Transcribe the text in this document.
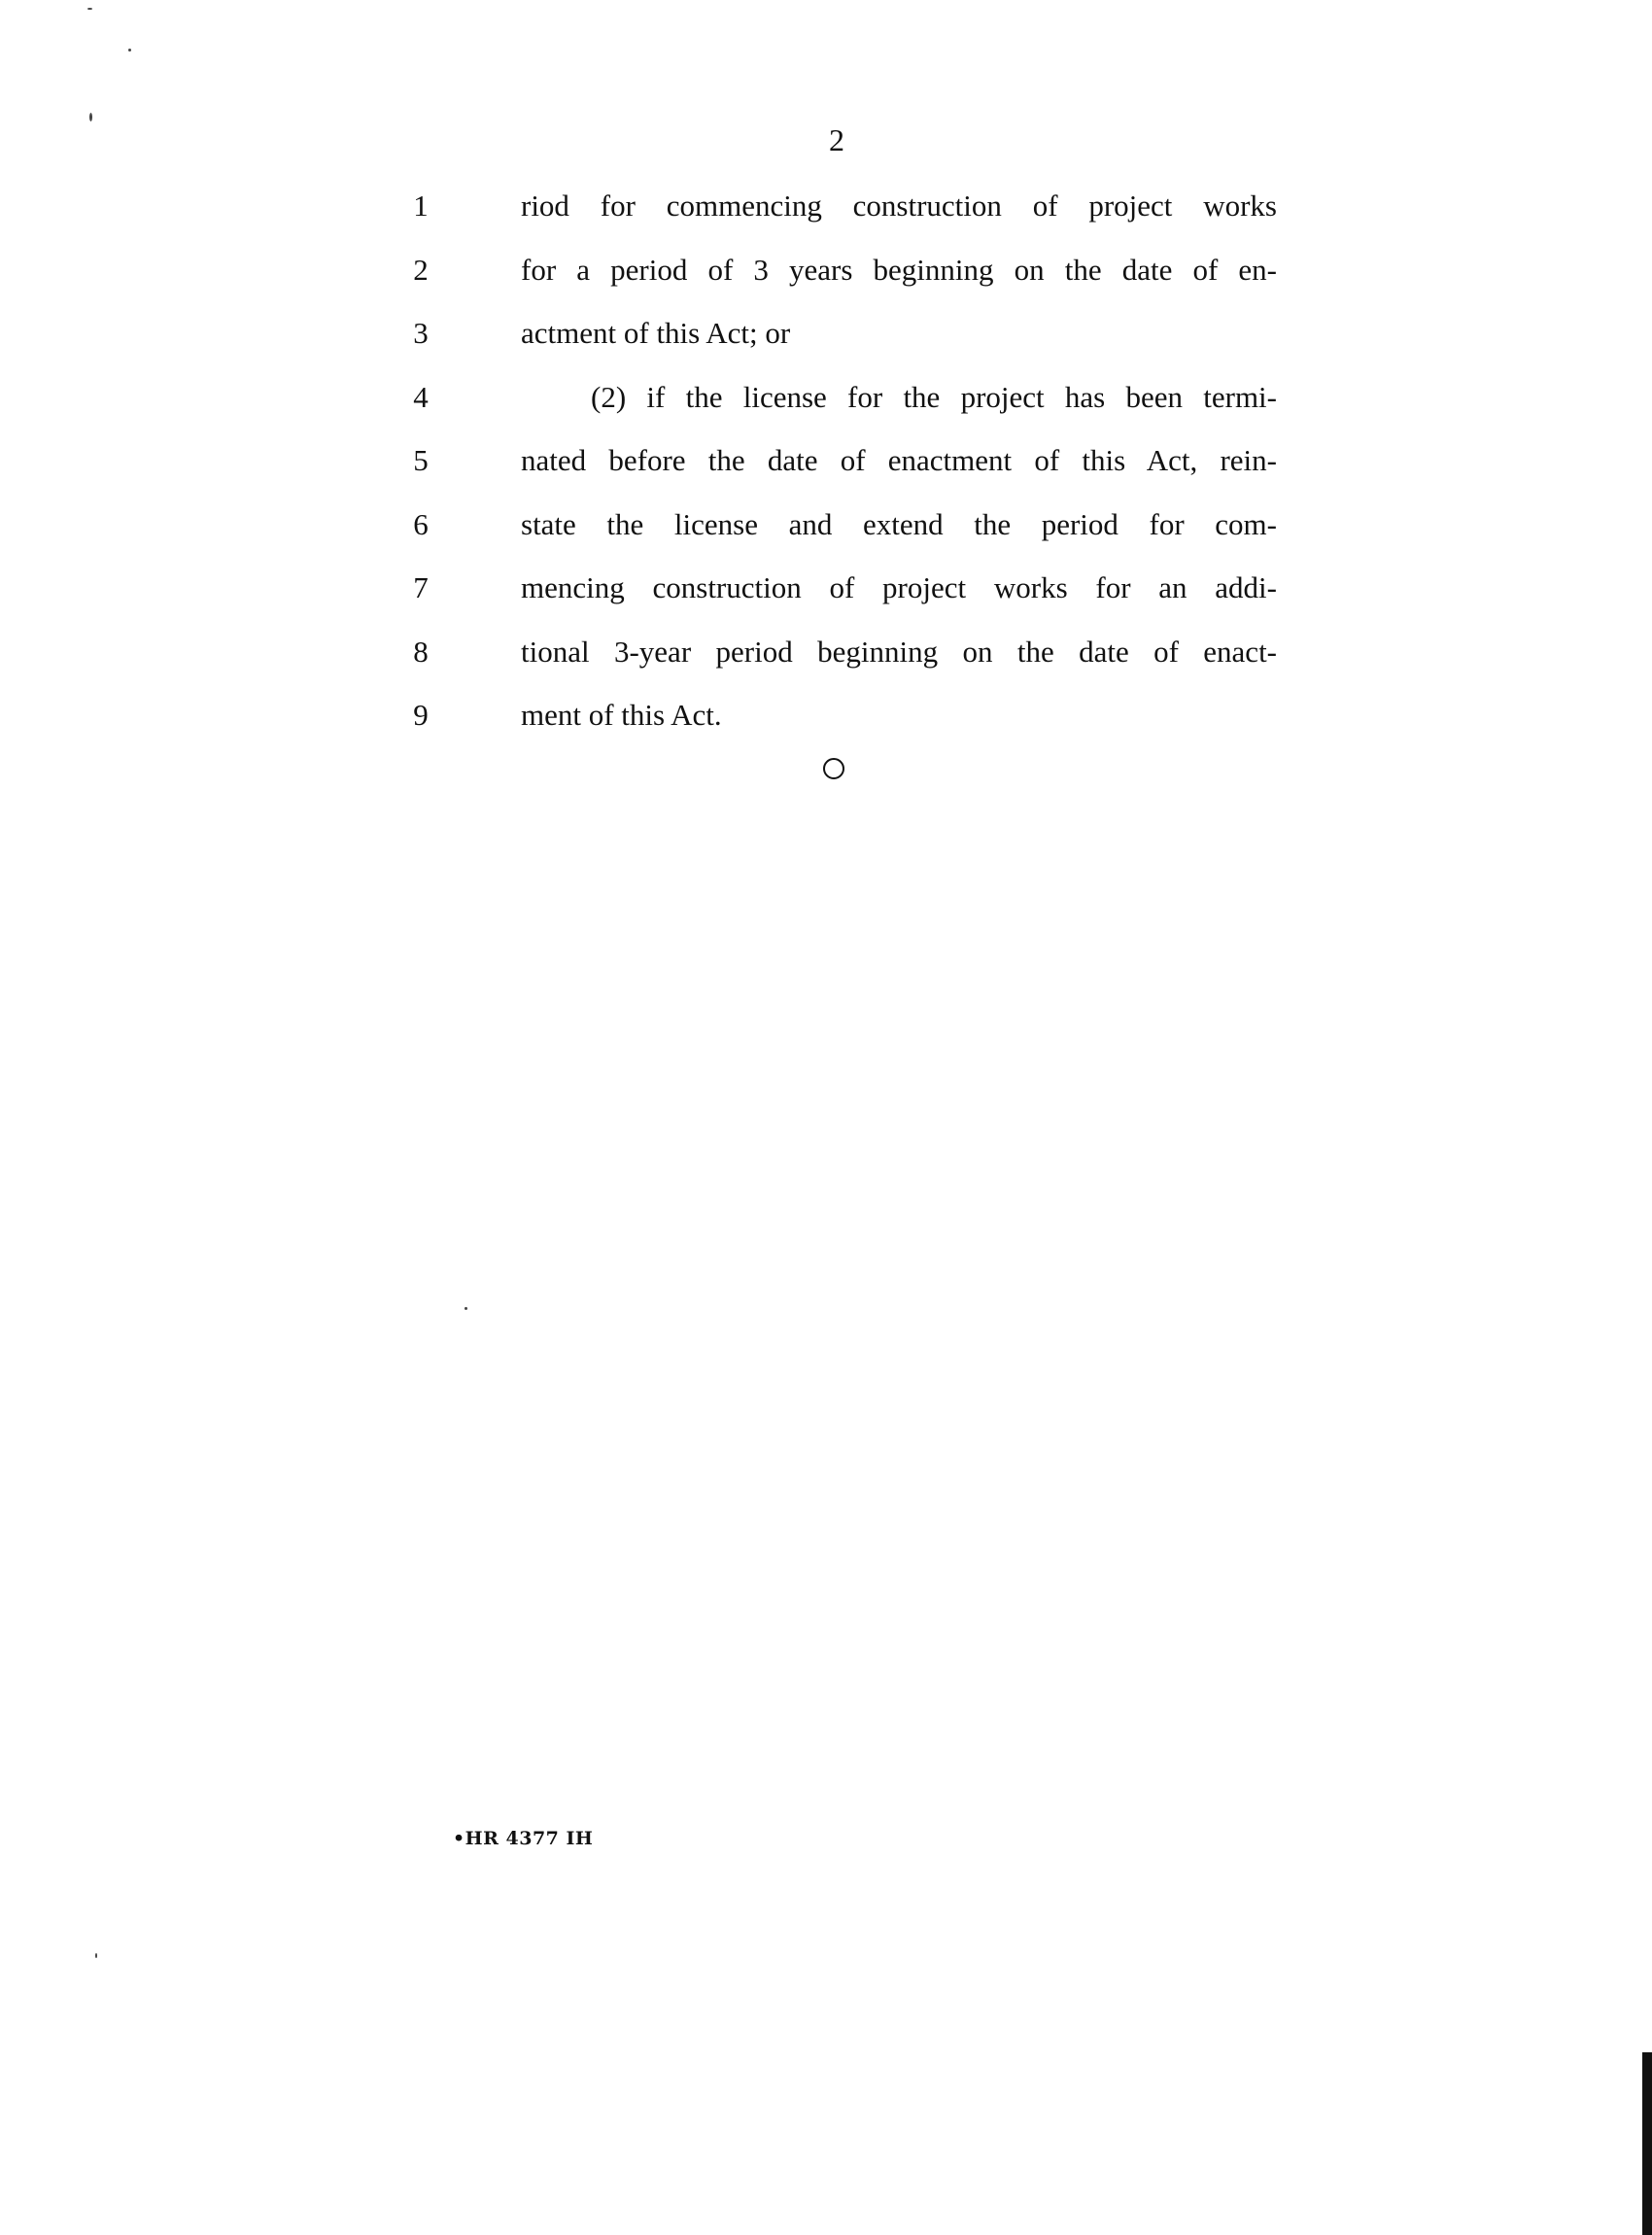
2
1	riod for commencing construction of project works
2	for a period of 3 years beginning on the date of en-
3	actment of this Act; or
4	(2) if the license for the project has been termi-
5	nated before the date of enactment of this Act, rein-
6	state the license and extend the period for com-
7	mencing construction of project works for an addi-
8	tional 3-year period beginning on the date of enact-
9	ment of this Act.
•HR 4377 IH
